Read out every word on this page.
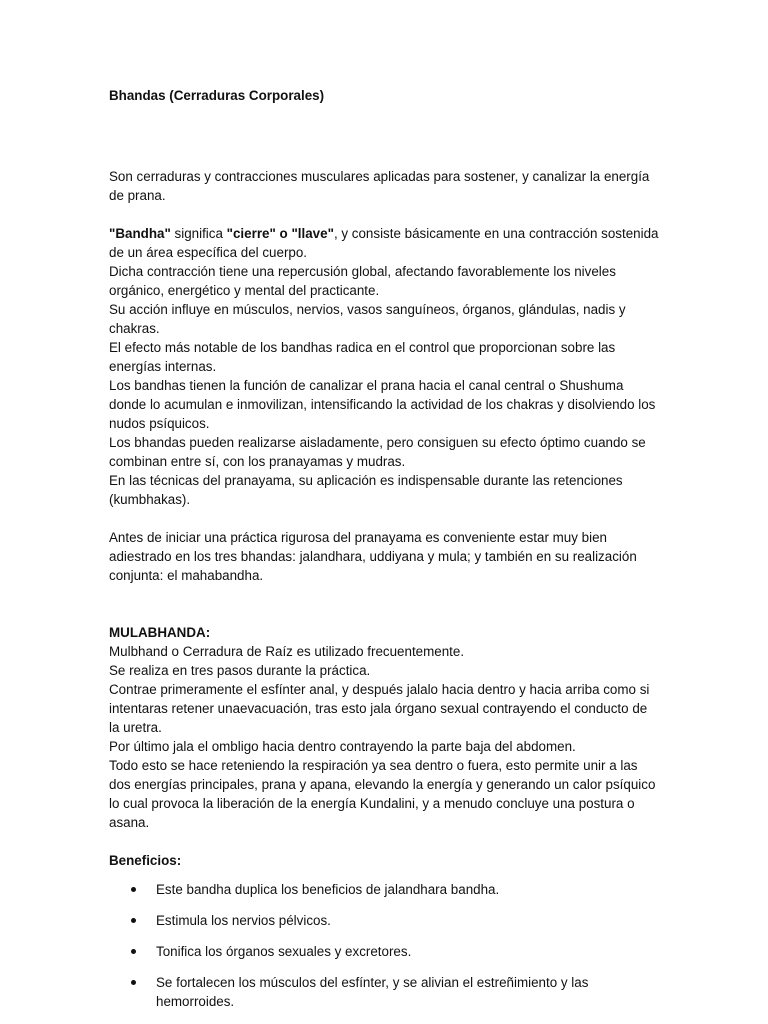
Bhandas (Cerraduras Corporales)

Son cerraduras y contracciones musculares aplicadas para sostener, y canalizar la energía de prana.

"Bandha" significa "cierre" o "llave", y consiste básicamente en una contracción sostenida de un área específica del cuerpo.

Dicha contracción tiene una repercusión global, afectando favorablemente los niveles orgánico, energético y mental del practicante.

Su acción influye en músculos, nervios, vasos sanguíneos, órganos, glándulas, nadis y chakras.

El efecto más notable de los bandhas radica en el control que proporcionan sobre las energías internas.

Los bandhas tienen la función de canalizar el prana hacia el canal central o Shushuma donde lo acumulan e inmovilizan, intensificando la actividad de los chakras y disolviendo los nudos psíquicos.

Los bhandas pueden realizarse aisladamente, pero consiguen su efecto óptimo cuando se combinan entre sí, con los pranayamas y mudras.

En las técnicas del pranayama, su aplicación es indispensable durante las retenciones (kumbhakas).

Antes de iniciar una práctica rigurosa del pranayama es conveniente estar muy bien adiestrado en los tres bhandas: jalandhara, uddiyana y mula; y también en su realización conjunta: el mahabandha.

MULABHANDA:

Mulbhand o Cerradura de Raíz es utilizado frecuentemente.

Se realiza en tres pasos durante la práctica.

Contrae primeramente el esfínter anal, y después jalalo hacia dentro y hacia arriba como si intentaras retener unaevacuación, tras esto jala órgano sexual contrayendo el conducto de la uretra.

Por último jala el ombligo hacia dentro contrayendo la parte baja del abdomen.

Todo esto se hace reteniendo la respiración ya sea dentro o fuera, esto permite unir a las dos energías principales, prana y apana, elevando la energía y generando un calor psíquico lo cual provoca la liberación de la energía Kundalini, y a menudo concluye una postura o asana.

Beneficios:

Este bandha duplica los beneficios de jalandhara bandha.
Estimula los nervios pélvicos.
Tonifica los órganos sexuales y excretores.
Se fortalecen los músculos del esfínter, y se alivian el estreñimiento y las hemorroides.
